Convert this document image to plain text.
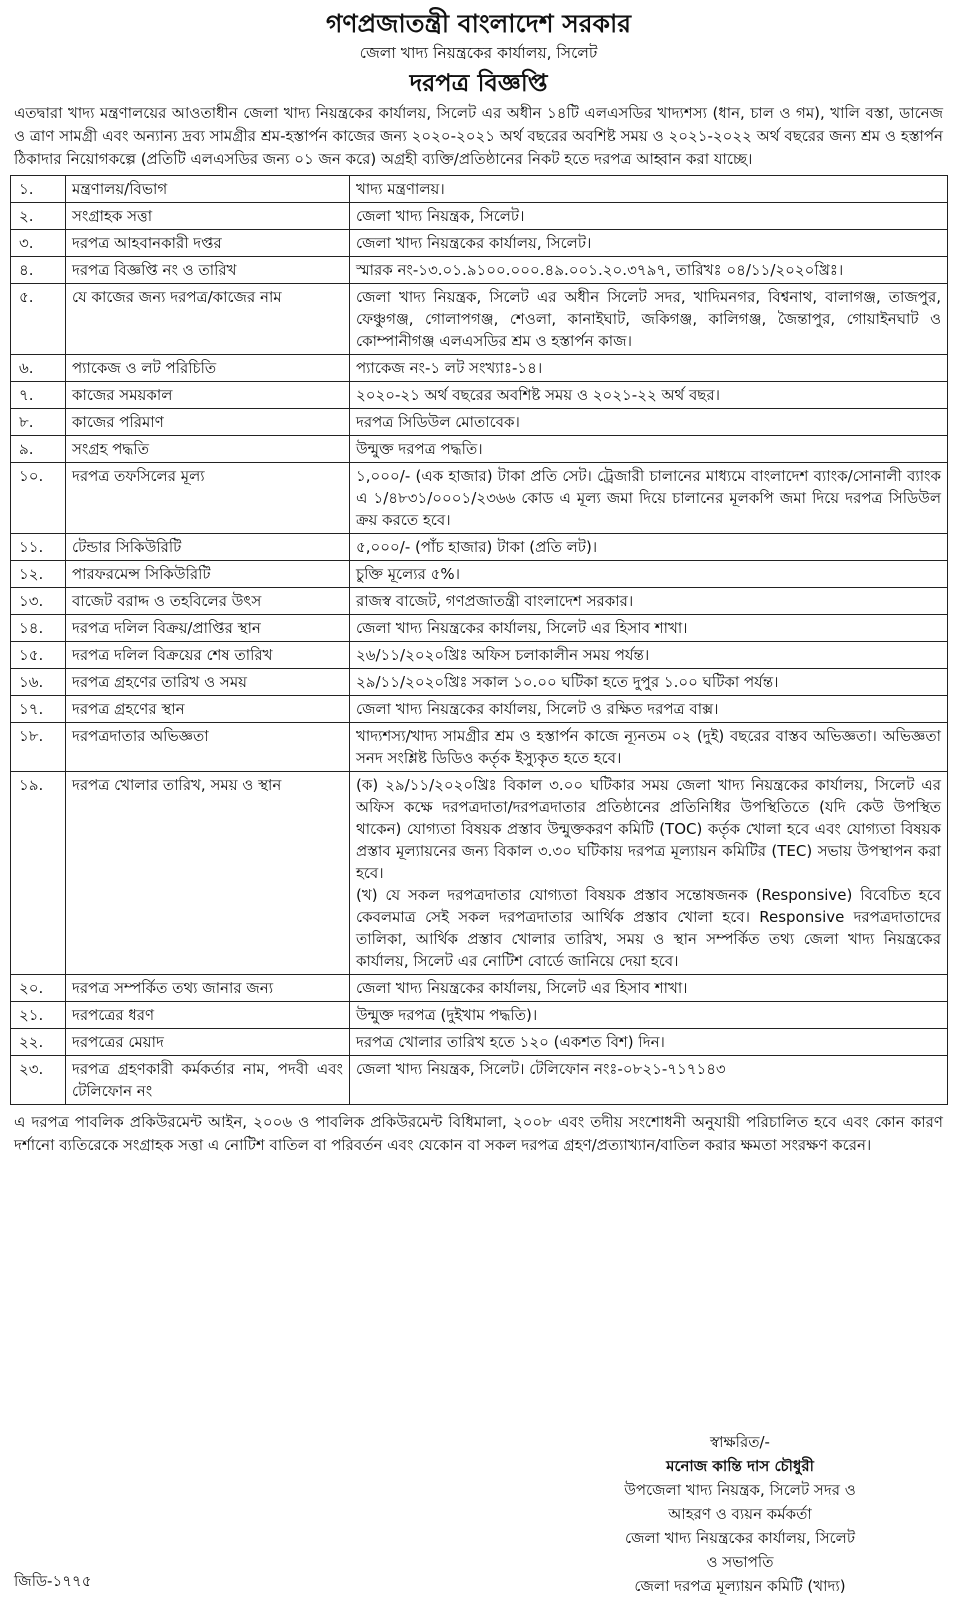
গণপ্রজাতন্ত্রী বাংলাদেশ সরকার
জেলা খাদ্য নিয়ন্ত্রকের কার্যালয়, সিলেট
দরপত্র বিজ্ঞপ্তি
এতদ্বারা খাদ্য মন্ত্রণালয়ের আওতাধীন জেলা খাদ্য নিয়ন্ত্রকের কার্যালয়, সিলেট এর অধীন ১৪টি এলএসডির খাদ্যশস্য (ধান, চাল ও গম), খালি বস্তা, ডানেজ ও ত্রাণ সামগ্রী এবং অন্যান্য দ্রব্য সামগ্রীর শ্রম-হস্তার্পন কাজের জন্য ২০২০-২০২১ অর্থ বছরের অবশিষ্ট সময় ও ২০২১-২০২২ অর্থ বছরের জন্য শ্রম ও হস্তার্পন ঠিকাদার নিয়োগকল্পে (প্রতিটি এলএসডির জন্য ০১ জন করে) অগ্রহী ব্যক্তি/প্রতিষ্ঠানের নিকট হতে দরপত্র আহ্বান করা যাচ্ছে।
১.	মন্ত্রণালয়/বিভাগ	খাদ্য মন্ত্রণালয়।

২.	সংগ্রাহক সত্তা	জেলা খাদ্য নিয়ন্ত্রক, সিলেট।

৩.	দরপত্র আহবানকারী দপ্তর	জেলা খাদ্য নিয়ন্ত্রকের কার্যালয়, সিলেট।

৪.	দরপত্র বিজ্ঞপ্তি নং ও তারিখ	স্মারক নং-১৩.০১.৯১০০.০০০.৪৯.০০১.২০.৩৭৯৭, তারিখঃ ০৪/১১/২০২০খ্রিঃ।

৫.	যে কাজের জন্য দরপত্র/কাজের নাম	জেলা খাদ্য নিয়ন্ত্রক, সিলেট এর অধীন সিলেট সদর, খাদিমনগর, বিশ্বনাথ, বালাগঞ্জ, তাজপুর, ফেঞ্চুগঞ্জ, গোলাপগঞ্জ, শেওলা, কানাইঘাট, জকিগঞ্জ, কালিগঞ্জ, জৈন্তাপুর, গোয়াইনঘাট ও কোম্পানীগঞ্জ এলএসডির শ্রম ও হস্তার্পন কাজ।

৬.	প্যাকেজ ও লট পরিচিতি	প্যাকেজ নং-১ লট সংখ্যাঃ-১৪।

৭.	কাজের সময়কাল	২০২০-২১ অর্থ বছরের অবশিষ্ট সময় ও ২০২১-২২ অর্থ বছর।

৮.	কাজের পরিমাণ	দরপত্র সিডিউল মোতাবেক।

৯.	সংগ্রহ পদ্ধতি	উন্মুক্ত দরপত্র পদ্ধতি।

১০.	দরপত্র তফসিলের মূল্য	১,০০০/- (এক হাজার) টাকা প্রতি সেট। ট্রেজারী চালানের মাধ্যমে বাংলাদেশ ব্যাংক/সোনালী ব্যাংক এ ১/৪৮৩১/০০০১/২৩৬৬ কোড এ মূল্য জমা দিয়ে চালানের মূলকপি জমা দিয়ে দরপত্র সিডিউল ক্রয় করতে হবে।

১১.	টেন্ডার সিকিউরিটি	৫,০০০/- (পাঁচ হাজার) টাকা (প্রতি লট)।

১২.	পারফরমেন্স সিকিউরিটি	চুক্তি মূল্যের ৫%।

১৩.	বাজেট বরাদ্দ ও তহবিলের উৎস	রাজস্ব বাজেট, গণপ্রজাতন্ত্রী বাংলাদেশ সরকার।

১৪.	দরপত্র দলিল বিক্রয়/প্রাপ্তির স্থান	জেলা খাদ্য নিয়ন্ত্রকের কার্যালয়, সিলেট এর হিসাব শাখা।

১৫.	দরপত্র দলিল বিক্রয়ের শেষ তারিখ	২৬/১১/২০২০খ্রিঃ অফিস চলাকালীন সময় পর্যন্ত।

১৬.	দরপত্র গ্রহণের তারিখ ও সময়	২৯/১১/২০২০খ্রিঃ সকাল ১০.০০ ঘটিকা হতে দুপুর ১.০০ ঘটিকা পর্যন্ত।

১৭.	দরপত্র গ্রহণের স্থান	জেলা খাদ্য নিয়ন্ত্রকের কার্যালয়, সিলেট ও রক্ষিত দরপত্র বাক্স।

১৮.	দরপত্রদাতার অভিজ্ঞতা	খাদ্যশস্য/খাদ্য সামগ্রীর শ্রম ও হস্তার্পন কাজে ন্যূনতম ০২ (দুই) বছরের বাস্তব অভিজ্ঞতা। অভিজ্ঞতা সনদ সংশ্লিষ্ট ডিডিও কর্তৃক ইস্যুকৃত হতে হবে।

১৯.	দরপত্র খোলার তারিখ, সময় ও স্থান	(ক) ২৯/১১/২০২০খ্রিঃ বিকাল ৩.০০ ঘটিকার সময় জেলা খাদ্য নিয়ন্ত্রকের কার্যালয়, সিলেট এর অফিস কক্ষে দরপত্রদাতা/দরপত্রদাতার প্রতিষ্ঠানের প্রতিনিধির উপস্থিতিতে (যদি কেউ উপস্থিত থাকেন) যোগ্যতা বিষয়ক প্রস্তাব উন্মুক্তকরণ কমিটি (TOC) কর্তৃক খোলা হবে এবং যোগ্যতা বিষয়ক প্রস্তাব মূল্যায়নের জন্য বিকাল ৩.৩০ ঘটিকায় দরপত্র মূল্যায়ন কমিটির (TEC) সভায় উপস্থাপন করা হবে।
(খ) যে সকল দরপত্রদাতার যোগ্যতা বিষয়ক প্রস্তাব সন্তোষজনক (Responsive) বিবেচিত হবে কেবলমাত্র সেই সকল দরপত্রদাতার আর্থিক প্রস্তাব খোলা হবে। Responsive দরপত্রদাতাদের তালিকা, আর্থিক প্রস্তাব খোলার তারিখ, সময় ও স্থান সম্পর্কিত তথ্য জেলা খাদ্য নিয়ন্ত্রকের কার্যালয়, সিলেট এর নোটিশ বোর্ডে জানিয়ে দেয়া হবে।

২০.	দরপত্র সম্পর্কিত তথ্য জানার জন্য	জেলা খাদ্য নিয়ন্ত্রকের কার্যালয়, সিলেট এর হিসাব শাখা।

২১.	দরপত্রের ধরণ	উন্মুক্ত দরপত্র (দুইখাম পদ্ধতি)।

২২.	দরপত্রের মেয়াদ	দরপত্র খোলার তারিখ হতে ১২০ (একশত বিশ) দিন।

২৩.	দরপত্র গ্রহণকারী কর্মকর্তার নাম, পদবী এবং টেলিফোন নং	জেলা খাদ্য নিয়ন্ত্রক, সিলেট। টেলিফোন নংঃ-০৮২১-৭১৭১৪৩
এ দরপত্র পাবলিক প্রকিউরমেন্ট আইন, ২০০৬ ও পাবলিক প্রকিউরমেন্ট বিধিমালা, ২০০৮ এবং তদীয় সংশোধনী অনুযায়ী পরিচালিত হবে এবং কোন কারণ দর্শানো ব্যতিরেকে সংগ্রাহক সত্তা এ নোটিশ বাতিল বা পরিবর্তন এবং যেকোন বা সকল দরপত্র গ্রহণ/প্রত্যাখ্যান/বাতিল করার ক্ষমতা সংরক্ষণ করেন।
স্বাক্ষরিত/-
মনোজ কান্তি দাস চৌধুরী
উপজেলা খাদ্য নিয়ন্ত্রক, সিলেট সদর ও
আহরণ ও ব্যয়ন কর্মকর্তা
জেলা খাদ্য নিয়ন্ত্রকের কার্যালয়, সিলেট
ও সভাপতি
জেলা দরপত্র মূল্যায়ন কমিটি (খাদ্য)
জিডি-১৭৭৫
